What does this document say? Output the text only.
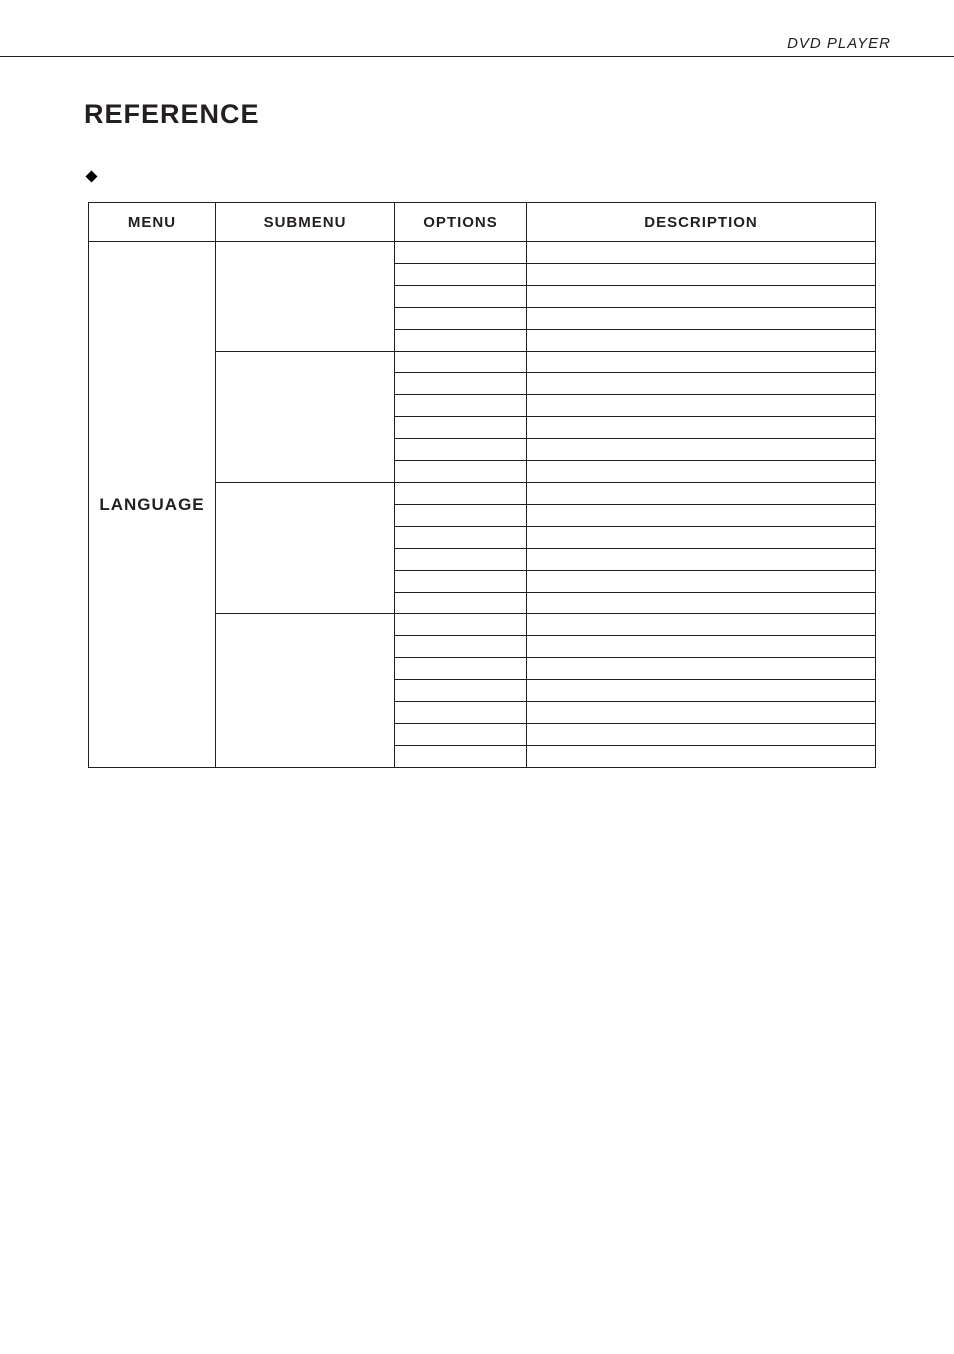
DVD PLAYER
REFERENCE
MENU	SUBMENU	OPTIONS	DESCRIPTION
LANGUAGE			
